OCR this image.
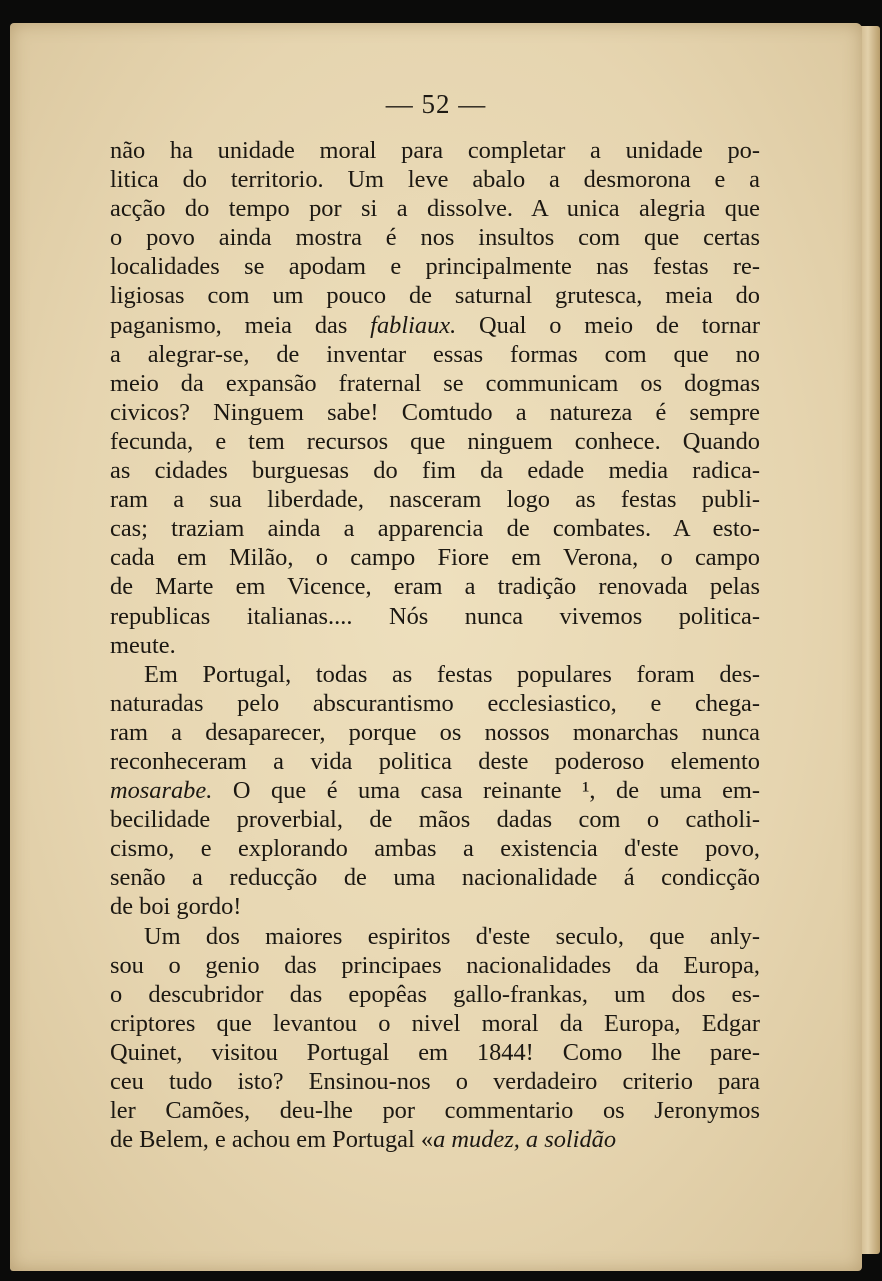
— 52 —
não ha unidade moral para completar a unidade po-
litica do territorio. Um leve abalo a desmorona e a
acção do tempo por si a dissolve. A unica alegria que
o povo ainda mostra é nos insultos com que certas
localidades se apodam e principalmente nas festas re-
ligiosas com um pouco de saturnal grutesca, meia do
paganismo, meia das fabliaux. Qual o meio de tornar
a alegrar-se, de inventar essas formas com que no
meio da expansão fraternal se communicam os dogmas
civicos? Ninguem sabe! Comtudo a natureza é sempre
fecunda, e tem recursos que ninguem conhece. Quando
as cidades burguesas do fim da edade media radica-
ram a sua liberdade, nasceram logo as festas publi-
cas; traziam ainda a apparencia de combates. A esto-
cada em Milão, o campo Fiore em Verona, o campo
de Marte em Vicence, eram a tradição renovada pelas
republicas italianas.... Nós nunca vivemos politica-
meute.
Em Portugal, todas as festas populares foram des-
naturadas pelo abscurantismo ecclesiastico, e chega-
ram a desaparecer, porque os nossos monarchas nunca
reconheceram a vida politica deste poderoso elemento
mosarabe. O que é uma casa reinante ¹, de uma em-
becilidade proverbial, de mãos dadas com o catholi-
cismo, e explorando ambas a existencia d'este povo,
senão a reducção de uma nacionalidade á condicção
de boi gordo!
Um dos maiores espiritos d'este seculo, que anly-
sou o genio das principaes nacionalidades da Europa,
o descubridor das epopêas gallo-frankas, um dos es-
criptores que levantou o nivel moral da Europa, Edgar
Quinet, visitou Portugal em 1844! Como lhe pare-
ceu tudo isto? Ensinou-nos o verdadeiro criterio para
ler Camões, deu-lhe por commentario os Jeronymos
de Belem, e achou em Portugal «a mudez, a solidão
